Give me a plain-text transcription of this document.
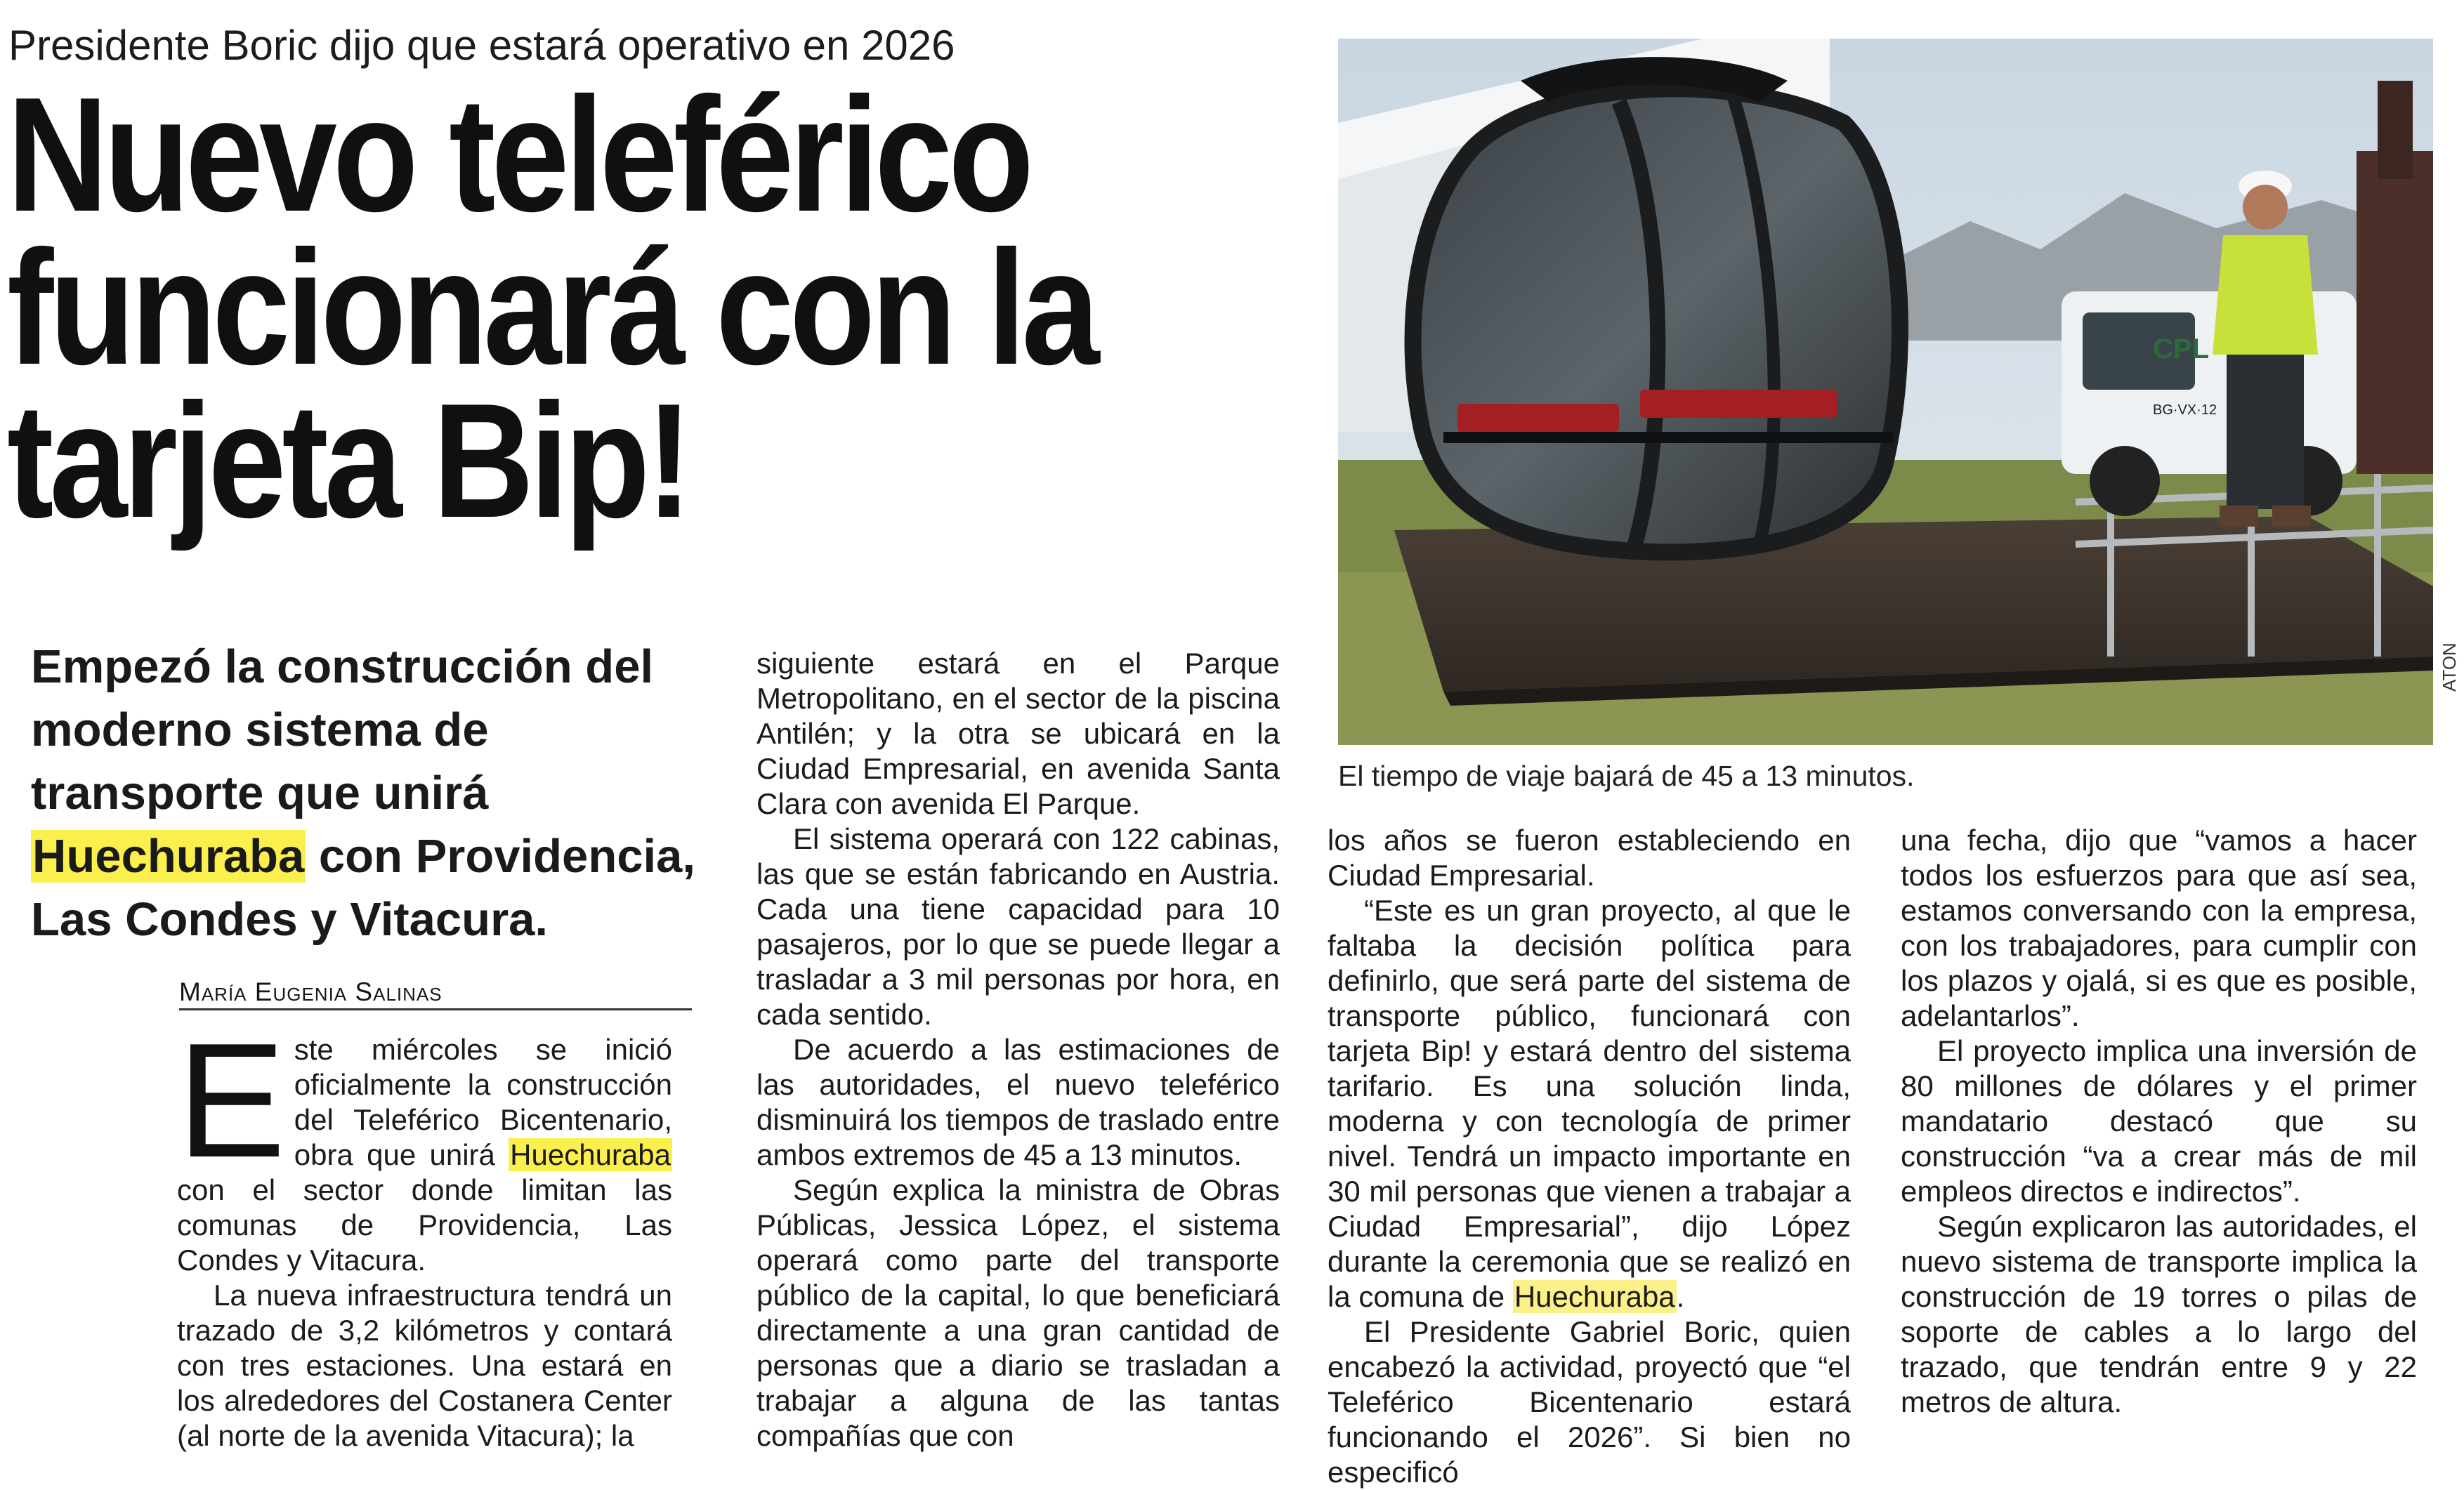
Presidente Boric dijo que estará operativo en 2026
Nuevo teleférico
funcionará con la
tarjeta Bip!
Empezó la construcción del moderno sistema de transporte que unirá Huechuraba con Providencia, Las Condes y Vitacura.
María Eugenia Salinas

Este miércoles se inició oficialmente la construcción del Teleférico Bicentenario, obra que unirá Huechuraba con el sector donde limitan las comunas de Providencia, Las Condes y Vitacura.

La nueva infraestructura tendrá un trazado de 3,2 kilómetros y contará con tres estaciones. Una estará en los alrededores del Costanera Center (al norte de la avenida Vitacura); la

siguiente estará en el Parque Metropolitano, en el sector de la piscina Antilén; y la otra se ubicará en la Ciudad Empresarial, en avenida Santa Clara con avenida El Parque.

El sistema operará con 122 cabinas, las que se están fabricando en Austria. Cada una tiene capacidad para 10 pasajeros, por lo que se puede llegar a trasladar a 3 mil personas por hora, en cada sentido.

De acuerdo a las estimaciones de las autoridades, el nuevo teleférico disminuirá los tiempos de traslado entre ambos extremos de 45 a 13 minutos.

Según explica la ministra de Obras Públicas, Jessica López, el sistema operará como parte del transporte público de la capital, lo que beneficiará directamente a una gran cantidad de personas que a diario se trasladan a trabajar a alguna de las tantas compañías que con

los años se fueron estableciendo en Ciudad Empresarial.

“Este es un gran proyecto, al que le faltaba la decisión política para definirlo, que será parte del sistema de transporte público, funcionará con tarjeta Bip! y estará dentro del sistema tarifario. Es una solución linda, moderna y con tecnología de primer nivel. Tendrá un impacto importante en 30 mil personas que vienen a trabajar a Ciudad Empresarial”, dijo López durante la ceremonia que se realizó en la comuna de Huechuraba.

El Presidente Gabriel Boric, quien encabezó la actividad, proyectó que “el Teleférico Bicentenario estará funcionando el 2026”. Si bien no especificó

una fecha, dijo que “vamos a hacer todos los esfuerzos para que así sea, estamos conversando con la empresa, con los trabajadores, para cumplir con los plazos y ojalá, si es que es posible, adelantarlos”.

El proyecto implica una inversión de 80 millones de dólares y el primer mandatario destacó que su construcción “va a crear más de mil empleos directos e indirectos”.

Según explicaron las autoridades, el nuevo sistema de transporte implica la construcción de 19 torres o pilas de soporte de cables a lo largo del trazado, que tendrán entre 9 y 22 metros de altura.

CPL
BG·VX·12
El tiempo de viaje bajará de 45 a 13 minutos.
ATON
